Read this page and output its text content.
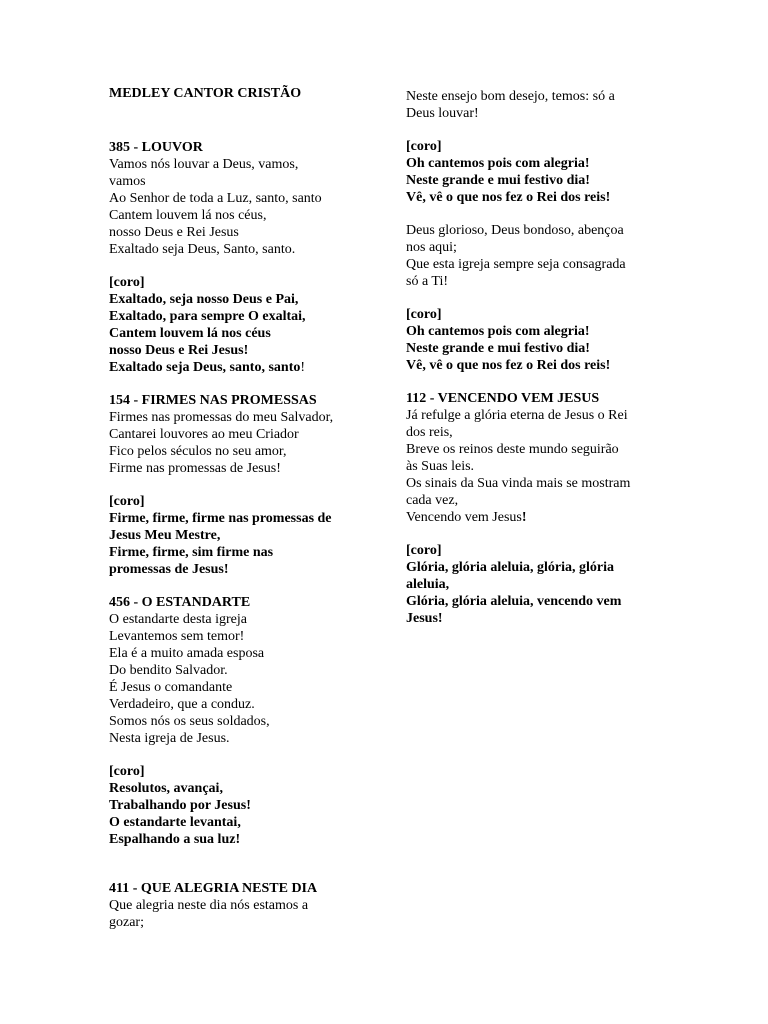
MEDLEY CANTOR CRISTÃO
385 - LOUVOR
Vamos nós louvar a Deus, vamos,
vamos
Ao Senhor de toda a Luz, santo, santo
Cantem louvem lá nos céus,
nosso Deus e Rei Jesus
Exaltado seja Deus, Santo, santo.
[coro]
Exaltado, seja nosso Deus e Pai,
Exaltado, para sempre O exaltai,
Cantem louvem lá nos céus
nosso Deus e Rei Jesus!
Exaltado seja Deus, santo, santo!
154 - FIRMES NAS PROMESSAS
Firmes nas promessas do meu Salvador,
Cantarei louvores ao meu Criador
Fico pelos séculos no seu amor,
Firme nas promessas de Jesus!
[coro]
Firme, firme, firme nas promessas de
Jesus Meu Mestre,
Firme, firme, sim firme nas
promessas de Jesus!
456 - O ESTANDARTE
O estandarte desta igreja
Levantemos sem temor!
Ela é a muito amada esposa
Do bendito Salvador.
É Jesus o comandante
Verdadeiro, que a conduz.
Somos nós os seus soldados,
Nesta igreja de Jesus.
[coro]
Resolutos, avançai,
Trabalhando por Jesus!
O estandarte levantai,
Espalhando a sua luz!
411 - QUE ALEGRIA NESTE DIA
Que alegria neste dia nós estamos a
gozar;
Neste ensejo bom desejo, temos: só a
Deus louvar!
[coro]
Oh cantemos pois com alegria!
Neste grande e mui festivo dia!
Vê, vê o que nos fez o Rei dos reis!
Deus glorioso, Deus bondoso, abençoa
nos aqui;
Que esta igreja sempre seja consagrada
só a Ti!
[coro]
Oh cantemos pois com alegria!
Neste grande e mui festivo dia!
Vê, vê o que nos fez o Rei dos reis!
112 - VENCENDO VEM JESUS
Já refulge a glória eterna de Jesus o Rei
dos reis,
Breve os reinos deste mundo seguirão
às Suas leis.
Os sinais da Sua vinda mais se mostram
cada vez,
Vencendo vem Jesus!
[coro]
Glória, glória aleluia, glória, glória
aleluia,
Glória, glória aleluia, vencendo vem
Jesus!
